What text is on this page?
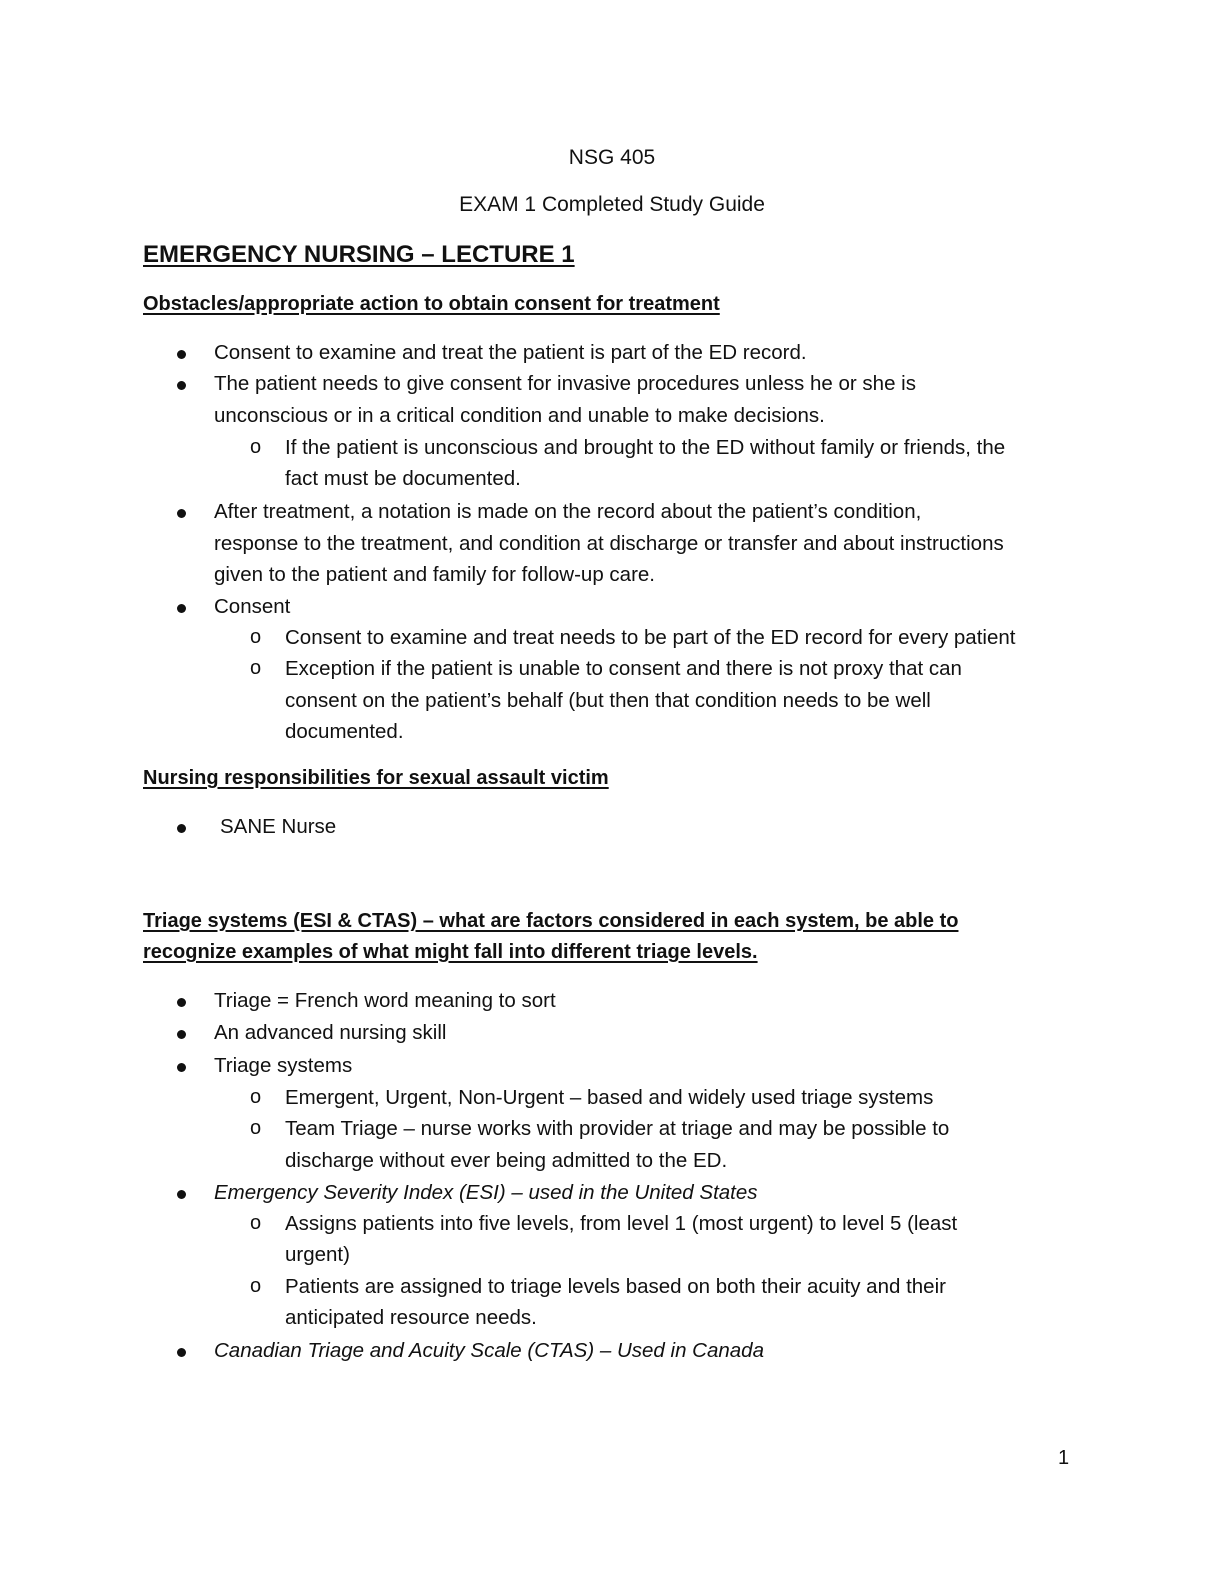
NSG 405
EXAM 1 Completed Study Guide
EMERGENCY NURSING – LECTURE 1
Obstacles/appropriate action to obtain consent for treatment
Consent to examine and treat the patient is part of the ED record.
The patient needs to give consent for invasive procedures unless he or she is
unconscious or in a critical condition and unable to make decisions.
o If the patient is unconscious and brought to the ED without family or friends, the
fact must be documented.
After treatment, a notation is made on the record about the patient’s condition,
response to the treatment, and condition at discharge or transfer and about instructions
given to the patient and family for follow-up care.
Consent
o Consent to examine and treat needs to be part of the ED record for every patient
o Exception if the patient is unable to consent and there is not proxy that can
consent on the patient’s behalf (but then that condition needs to be well
documented.
Nursing responsibilities for sexual assault victim
SANE Nurse
Triage systems (ESI & CTAS) – what are factors considered in each system, be able to
recognize examples of what might fall into different triage levels.
Triage = French word meaning to sort
An advanced nursing skill
Triage systems
o Emergent, Urgent, Non-Urgent – based and widely used triage systems
o Team Triage – nurse works with provider at triage and may be possible to
discharge without ever being admitted to the ED.
Emergency Severity Index (ESI) – used in the United States
o Assigns patients into five levels, from level 1 (most urgent) to level 5 (least
urgent)
o Patients are assigned to triage levels based on both their acuity and their
anticipated resource needs.
Canadian Triage and Acuity Scale (CTAS) – Used in Canada
1
